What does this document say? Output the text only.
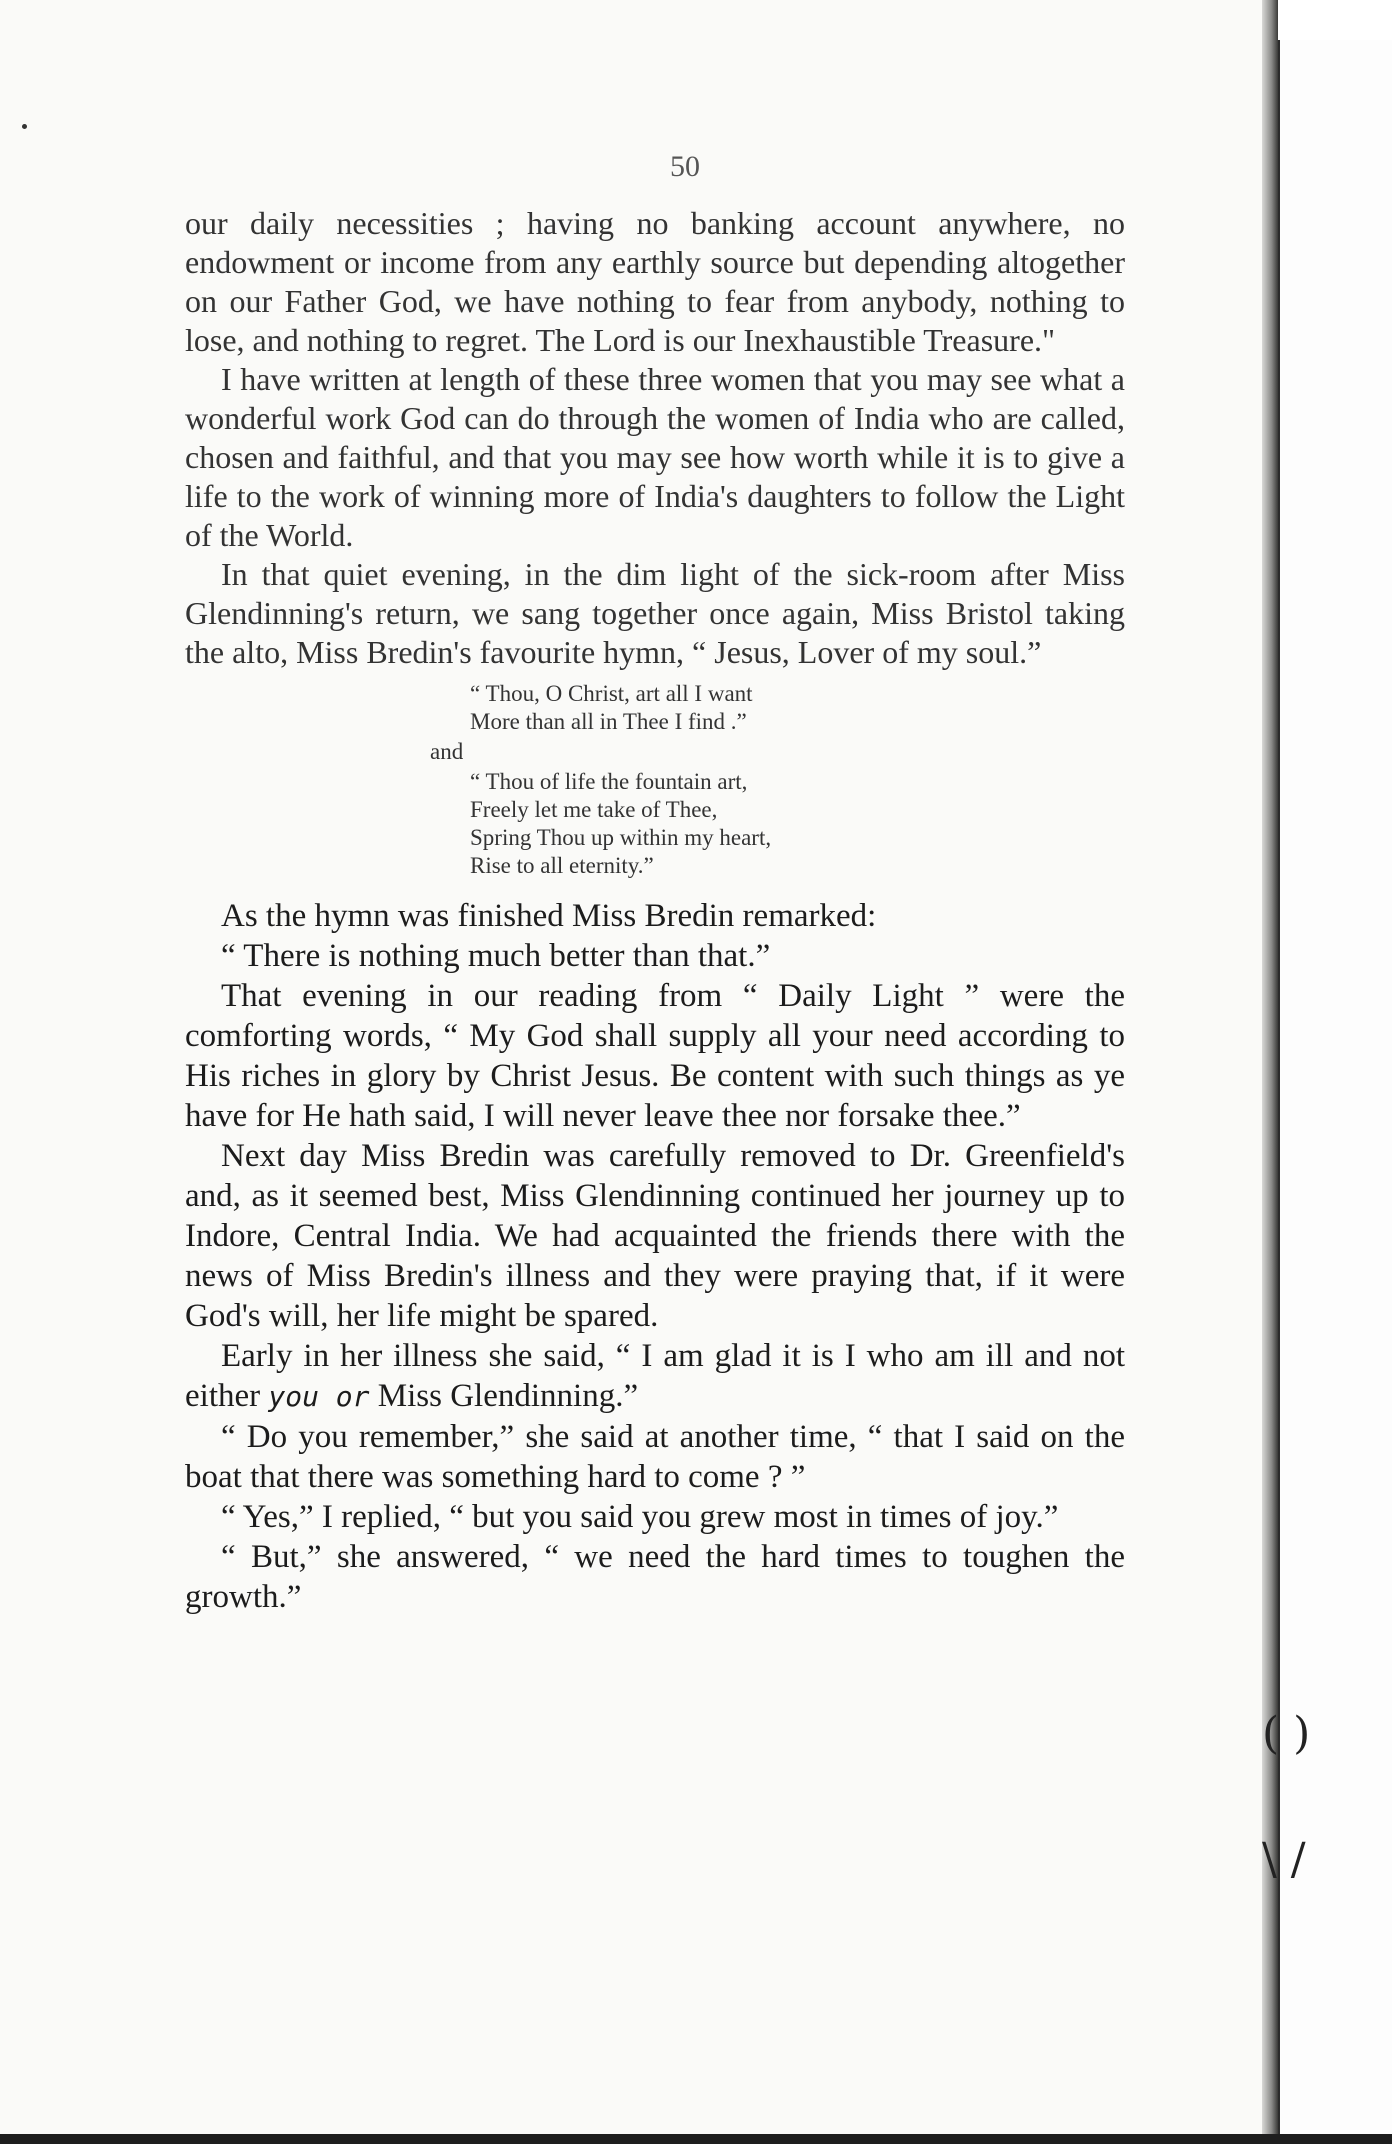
( )
\ /
50

our daily necessities ; having no banking account anywhere, no endowment or income from any earthly source but depending altogether on our Father God, we have nothing to fear from anybody, nothing to lose, and nothing to regret. The Lord is our Inexhaustible Treasure."

I have written at length of these three women that you may see what a wonderful work God can do through the women of India who are called, chosen and faithful, and that you may see how worth while it is to give a life to the work of winning more of India's daughters to follow the Light of the World.

In that quiet evening, in the dim light of the sick-room after Miss Glendinning's return, we sang together once again, Miss Bristol taking the alto, Miss Bredin's favourite hymn, “ Jesus, Lover of my soul.”

“ Thou, O Christ, art all I want
More than all in Thee I find .”
and
“ Thou of life the fountain art,
Freely let me take of Thee,
Spring Thou up within my heart,
Rise to all eternity.”

As the hymn was finished Miss Bredin remarked:

“ There is nothing much better than that.”

That evening in our reading from “ Daily Light ” were the comforting words, “ My God shall supply all your need according to His riches in glory by Christ Jesus. Be content with such things as ye have for He hath said, I will never leave thee nor forsake thee.”

Next day Miss Bredin was carefully removed to Dr. Greenfield's and, as it seemed best, Miss Glendinning continued her journey up to Indore, Central India. We had acquainted the friends there with the news of Miss Bredin's illness and they were praying that, if it were God's will, her life might be spared.

Early in her illness she said, “ I am glad it is I who am ill and not either you or Miss Glendinning.”

“ Do you remember,” she said at another time, “ that I said on the boat that there was something hard to come ? ”

“ Yes,” I replied, “ but you said you grew most in times of joy.”

“ But,” she answered, “ we need the hard times to toughen the growth.”
